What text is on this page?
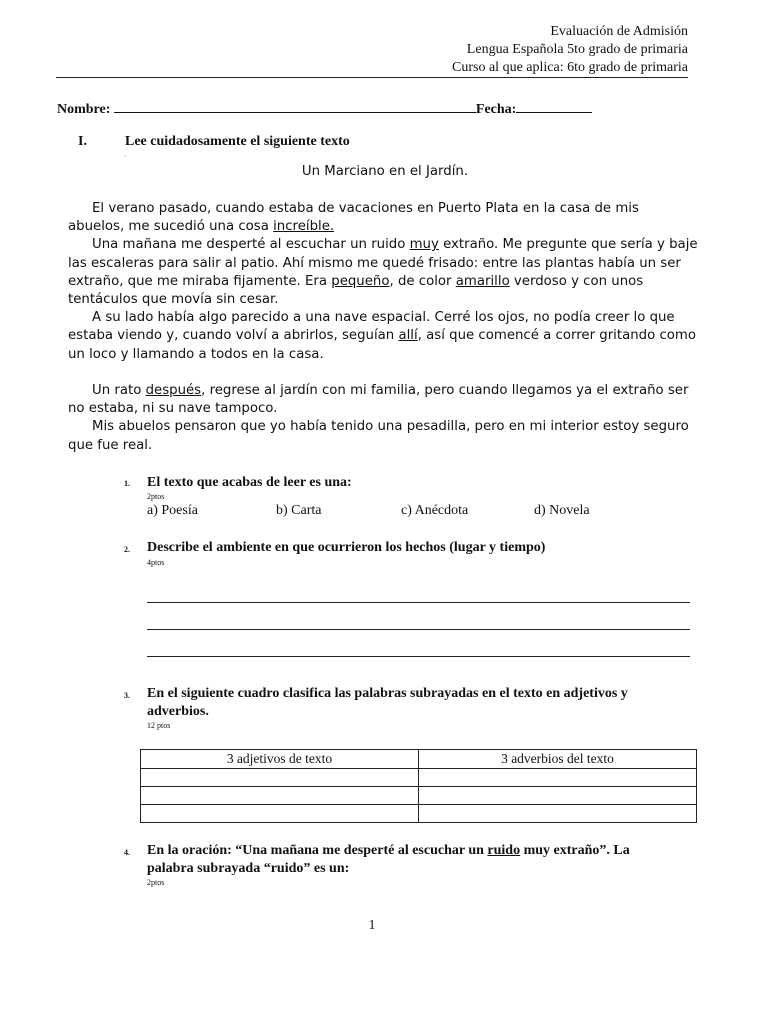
Evaluación de Admisión
Lengua Española 5to grado de primaria
Curso al que aplica: 6to grado de primaria
Nombre:	Fecha:
I.	Lee cuidadosamente el siguiente texto
·
Un Marciano en el Jardín.

El verano pasado, cuando estaba de vacaciones en Puerto Plata en la casa de mis abuelos, me sucedió una cosa increíble.

Una mañana me desperté al escuchar un ruido muy extraño. Me pregunte que sería y baje las escaleras para salir al patio. Ahí mismo me quedé frisado: entre las plantas había un ser extraño, que me miraba fijamente. Era pequeño, de color amarillo verdoso y con unos tentáculos que movía sin cesar.

A su lado había algo parecido a una nave espacial. Cerré los ojos, no podía creer lo que estaba viendo y, cuando volví a abrirlos, seguían allí, así que comencé a correr gritando como un loco y llamando a todos en la casa.

Un rato después, regrese al jardín con mi familia, pero cuando llegamos ya el extraño ser no estaba, ni su nave tampoco.

Mis abuelos pensaron que yo había tenido una pesadilla, pero en mi interior estoy seguro que fue real.

1. El texto que acabas de leer es una:
2ptos
a) Poesía	b) Carta	c) Anécdota	d) Novela
2. Describe el ambiente en que ocurrieron los hechos (lugar y tiempo)
4ptos
3. En el siguiente cuadro clasifica las palabras subrayadas en el texto en adjetivos y
adverbios.
12 ptos
3 adjetivos de texto	3 adverbios del texto

4. En la oración: “Una mañana me desperté al escuchar un ruido muy extraño”. La
palabra subrayada “ruido” es un:
2ptos
1
